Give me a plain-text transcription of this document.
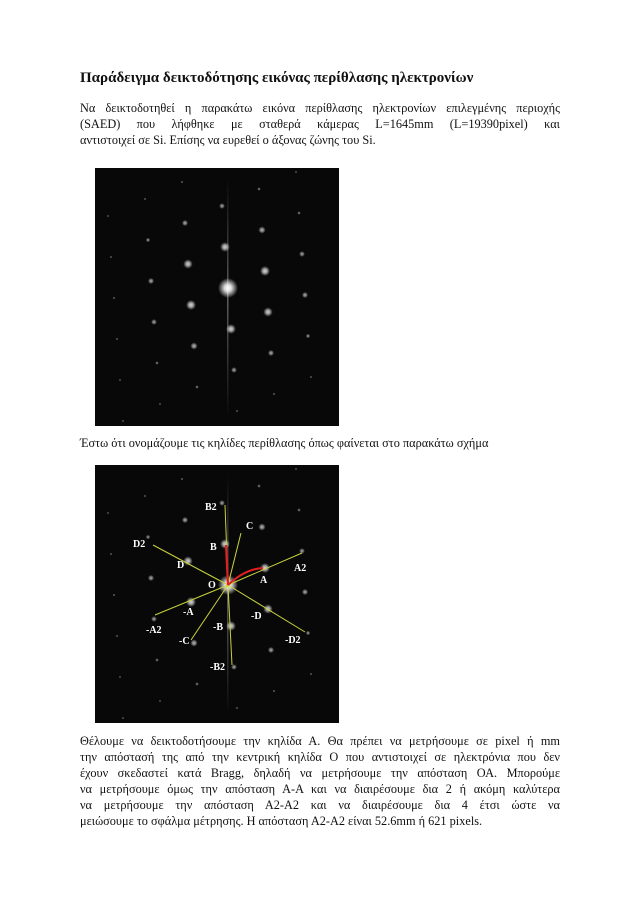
Παράδειγμα δεικτοδότησης εικόνας περίθλασης ηλεκτρονίων
Να δεικτοδοτηθεί η παρακάτω εικόνα περίθλασης ηλεκτρονίων επιλεγμένης περιοχής
(SAED) που λήφθηκε με σταθερά κάμερας L=1645mm (L=19390pixel) και
αντιστοιχεί σε Si. Επίσης να ευρεθεί ο άξονας ζώνης του Si.
Έστω ότι ονομάζουμε τις κηλίδες περίθλασης όπως φαίνεται στο παρακάτω σχήμα
B2
C
D2	B
D
O	A
A2
-A	-D
-A2	-B
-D2
-C
-B2
Θέλουμε να δεικτοδοτήσουμε την κηλίδα Α. Θα πρέπει να μετρήσουμε σε pixel ή mm
την απόστασή της από την κεντρική κηλίδα Ο που αντιστοιχεί σε ηλεκτρόνια που δεν
έχουν σκεδαστεί κατά Bragg, δηλαδή να μετρήσουμε την απόσταση ΟΑ. Μπορούμε
να μετρήσουμε όμως την απόσταση Α-Α και να διαιρέσουμε δια 2 ή ακόμη καλύτερα
να μετρήσουμε την απόσταση Α2-Α2 και να διαιρέσουμε δια 4 έτσι ώστε να
μειώσουμε το σφάλμα μέτρησης. Η απόσταση Α2-Α2 είναι 52.6mm ή 621 pixels.
